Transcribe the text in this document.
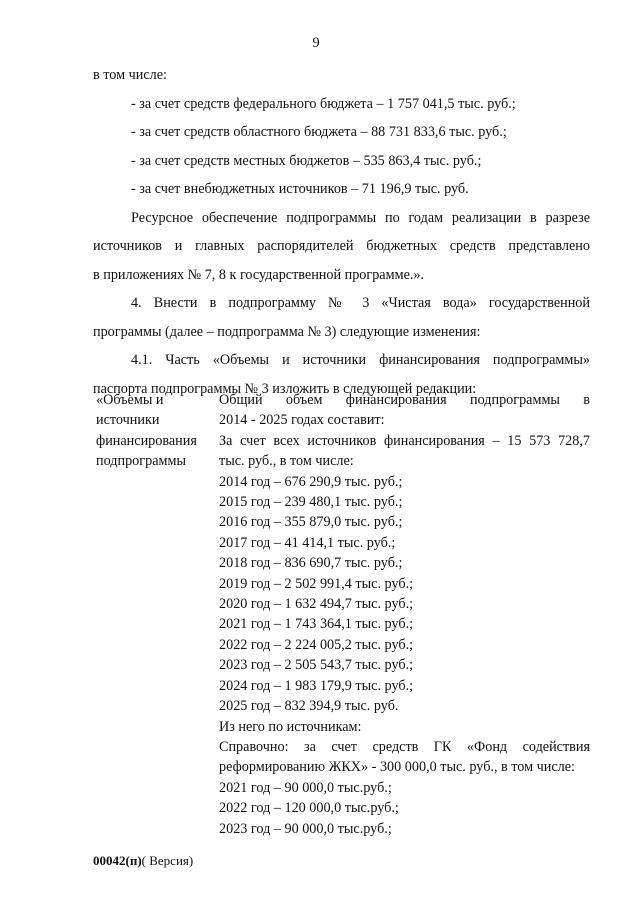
9
в том числе:
- за счет средств федерального бюджета – 1 757 041,5 тыс. руб.;
- за счет средств областного бюджета – 88 731 833,6 тыс. руб.;
- за счет средств местных бюджетов – 535 863,4 тыс. руб.;
- за счет внебюджетных источников – 71 196,9 тыс. руб.
Ресурсное обеспечение подпрограммы по годам реализации в разрезе
источников и главных распорядителей бюджетных средств представлено
в приложениях № 7, 8 к государственной программе.».
4. Внести в подпрограмму № 3 «Чистая вода» государственной
программы (далее – подпрограмма № 3) следующие изменения:
4.1. Часть «Объемы и источники финансирования подпрограммы»
паспорта подпрограммы № 3 изложить в следующей редакции:
«Объемы и
источники
финансирования
подпрограммы
Общий объем финансирования подпрограммы в
2014 - 2025 годах составит:
За счет всех источников финансирования – 15 573 728,7
тыс. руб., в том числе:
2014 год – 676 290,9 тыс. руб.;
2015 год – 239 480,1 тыс. руб.;
2016 год – 355 879,0 тыс. руб.;
2017 год – 41 414,1 тыс. руб.;
2018 год – 836 690,7 тыс. руб.;
2019 год – 2 502 991,4 тыс. руб.;
2020 год – 1 632 494,7 тыс. руб.;
2021 год – 1 743 364,1 тыс. руб.;
2022 год – 2 224 005,2 тыс. руб.;
2023 год – 2 505 543,7 тыс. руб.;
2024 год – 1 983 179,9 тыс. руб.;
2025 год – 832 394,9 тыс. руб.
Из него по источникам:
Справочно: за счет средств ГК «Фонд содействия
реформированию ЖКХ» - 300 000,0 тыс. руб., в том числе:
2021 год – 90 000,0 тыс.руб.;
2022 год – 120 000,0 тыс.руб.;
2023 год – 90 000,0 тыс.руб.;
00042(п)( Версия)
